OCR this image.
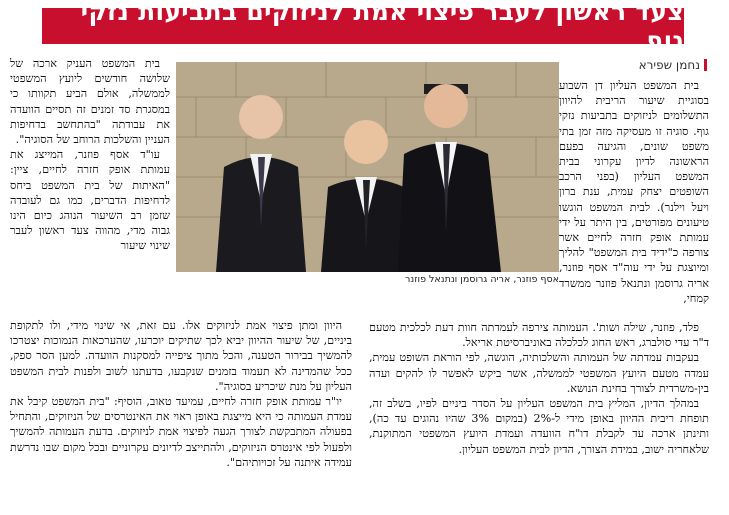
צעד ראשון לעבר פיצוי אמת לניזוקים בתביעות נזקי גוף
נחמן שפירא

בית המשפט העליון דן השבוע בסוגיית שיעור הריבית להיוון התשלומים לניזוקים בתביעות נזקי גוף. סוגיה זו מעסיקה מזה זמן בתי משפט שונים, והגיעה בפעם הראשונה לדיון עקרוני בבית המשפט העליון (בפני הרכב השופטים יצחק עמית, ענת ברון ויעל וילנר). לבית המשפט הוגשו טיעונים מפורטים, בין היתר על ידי עמותת אופק חזרה לחיים אשר צורפה כ"ידיד בית המשפט" להליך ומיוצגת על ידי עוה"ד אסף פוזנר, אריה גרוסמן ונתנאל פוזנר ממשרד קמחי,

בית המשפט העניק ארכה של שלושה חודשים ליועץ המשפטי לממשלה, אולם הביע תקוותו כי במסגרת סד זמנים זה תסיים הוועדה את עבודתה "בהתחשב בדחיפות העניין והשלכות הרוחב של הסוגיה".

עו"ד אסף פוזנר, המייצג את עמותת אופק חזרה לחיים, ציין: "האיתות של בית המשפט ביחס לדחיפות הדברים, כמו גם לעובדה שזמן רב השיעור הנוהג כיום הינו גבוה מדי, מהווה צעד ראשון לעבר שינוי שיעור

אסף פוזנר, אריה גרוסמן ונתנאל פוזנר

פלד, פוזנר, שילה ושות'. העמותה צירפה לעמדתה חוות דעת לכלכית מטעם ד"ר עדי סולברג, ראש החוג לכלכלה באוניברסיטת אריאל.

בעקבות עמדתה של העמותה והשלכותיה, הוגשה, לפי הוראת השופט עמית, עמדה מטעם היועץ המשפטי לממשלה, אשר ביקש לאפשר לו להקים ועדה בין-משרדית לצורך בחינת הנושא.

במהלך הדיון, המליץ בית המשפט העליון על הסדר ביניים לפיו, בשלב זה, תופחת ריבית ההיוון באופן מידי ל-2% (במקום 3% שהיו נהוגים עד כה), ותינתן ארכה עד לקבלת דו"ח הוועדה ועמדת היועץ המשפטי המתוקנת, שלאחריה ישוב, במידת הצורך, הדיון לבית המשפט העליון.

היוון ומתן פיצוי אמת לניזוקים אלו. עם זאת, אי שינוי מידי, ולו לתקופת ביניים, של שיעור ההיוון יביא לכך שתיקים יוכרעו, שהערכאות הנמוכות יצטרכו להמשיך בבירור הטענה, והכל מתוך ציפייה למסקנות הוועדה. למען הסר ספק, ככל שהמדינה לא תעמוד בזמנים שנקבעו, בדעתנו לשוב ולפנות לבית המשפט העליון על מנת שיכריע בסוגיה".

יו"ר עמותת אופק חזרה לחיים, עמיעד טאוב, הוסיף: "בית המשפט קיבל את עמדת העמותה כי היא מייצגת באופן ראוי את האינטרסים של הניזוקים, והתחיל בפעולה המתבקשת לצורך הגעה לפיצוי אמת לניזוקים. בדעת העמותה להמשיך ולפעול לפי אינטרס הניזוקים, ולהתייצב לדיונים עקרוניים ובכל מקום שבו נדרשת עמידה איתנה על זכויותיהם".
